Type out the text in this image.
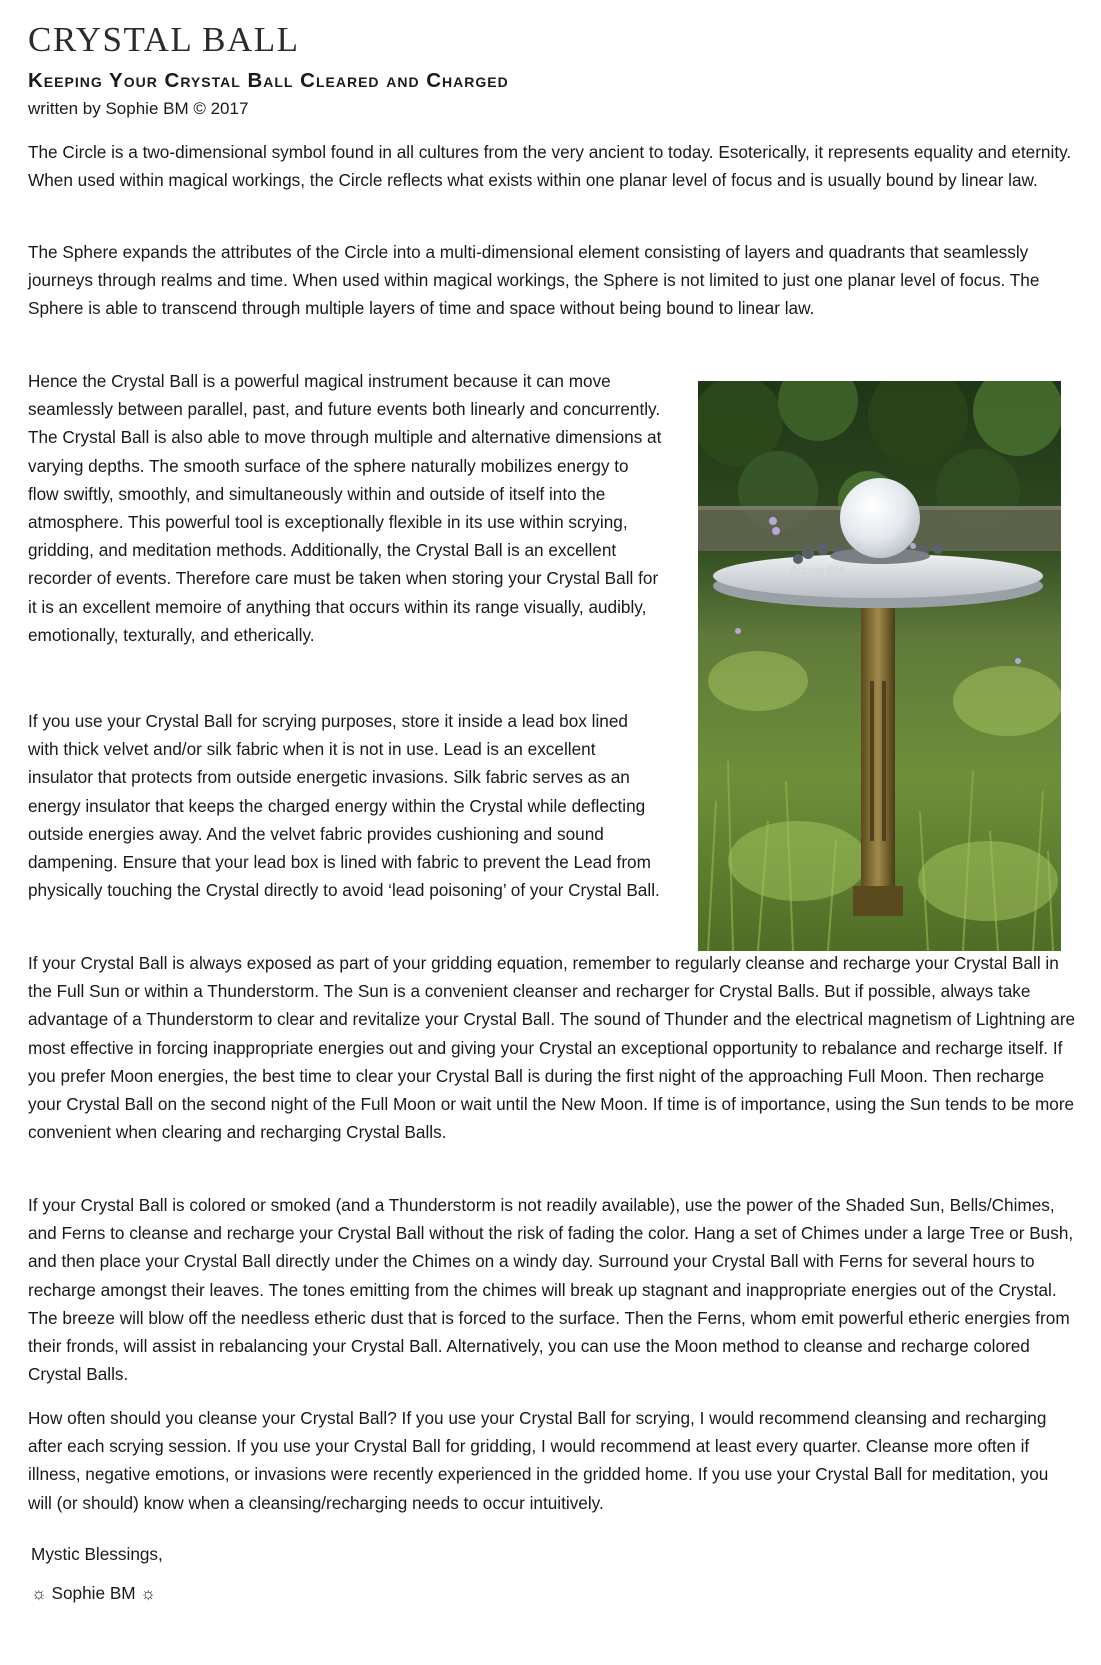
CRYSTAL BALL
Keeping Your Crystal Ball Cleared and Charged

written by Sophie BM © 2017

The Circle is a two-dimensional symbol found in all cultures from the very ancient to today. Esoterically, it represents equality and eternity. When used within magical workings, the Circle reflects what exists within one planar level of focus and is usually bound by linear law.

The Sphere expands the attributes of the Circle into a multi-dimensional element consisting of layers and quadrants that seamlessly journeys through realms and time. When used within magical workings, the Sphere is not limited to just one planar level of focus. The Sphere is able to transcend through multiple layers of time and space without being bound to linear law.

Hence the Crystal Ball is a powerful magical instrument because it can move seamlessly between parallel, past, and future events both linearly and concurrently. The Crystal Ball is also able to move through multiple and alternative dimensions at varying depths. The smooth surface of the sphere naturally mobilizes energy to flow swiftly, smoothly, and simultaneously within and outside of itself into the atmosphere. This powerful tool is exceptionally flexible in its use within scrying, gridding, and meditation methods. Additionally, the Crystal Ball is an excellent recorder of events. Therefore care must be taken when storing your Crystal Ball for it is an excellent memoire of anything that occurs within its range visually, audibly, emotionally, texturally, and etherically.

If you use your Crystal Ball for scrying purposes, store it inside a lead box lined with thick velvet and/or silk fabric when it is not in use. Lead is an excellent insulator that protects from outside energetic invasions. Silk fabric serves as an energy insulator that keeps the charged energy within the Crystal while deflecting outside energies away. And the velvet fabric provides cushioning and sound dampening. Ensure that your lead box is lined with fabric to prevent the Lead from physically touching the Crystal directly to avoid ‘lead poisoning’ of your Crystal Ball.

If your Crystal Ball is always exposed as part of your gridding equation, remember to regularly cleanse and recharge your Crystal Ball in the Full Sun or within a Thunderstorm. The Sun is a convenient cleanser and recharger for Crystal Balls. But if possible, always take advantage of a Thunderstorm to clear and revitalize your Crystal Ball. The sound of Thunder and the electrical magnetism of Lightning are most effective in forcing inappropriate energies out and giving your Crystal an exceptional opportunity to rebalance and recharge itself. If you prefer Moon energies, the best time to clear your Crystal Ball is during the first night of the approaching Full Moon. Then recharge your Crystal Ball on the second night of the Full Moon or wait until the New Moon. If time is of importance, using the Sun tends to be more convenient when clearing and recharging Crystal Balls.

If your Crystal Ball is colored or smoked (and a Thunderstorm is not readily available), use the power of the Shaded Sun, Bells/Chimes, and Ferns to cleanse and recharge your Crystal Ball without the risk of fading the color. Hang a set of Chimes under a large Tree or Bush, and then place your Crystal Ball directly under the Chimes on a windy day. Surround your Crystal Ball with Ferns for several hours to recharge amongst their leaves. The tones emitting from the chimes will break up stagnant and inappropriate energies out of the Crystal. The breeze will blow off the needless etheric dust that is forced to the surface. Then the Ferns, whom emit powerful etheric energies from their fronds, will assist in rebalancing your Crystal Ball. Alternatively, you can use the Moon method to cleanse and recharge colored Crystal Balls.

How often should you cleanse your Crystal Ball? If you use your Crystal Ball for scrying, I would recommend cleansing and recharging after each scrying session. If you use your Crystal Ball for gridding, I would recommend at least every quarter. Cleanse more often if illness, negative emotions, or invasions were recently experienced in the gridded home. If you use your Crystal Ball for meditation, you will (or should) know when a cleansing/recharging needs to occur intuitively.

Sophie BM

Mystic Blessings,

☼ Sophie BM ☼
